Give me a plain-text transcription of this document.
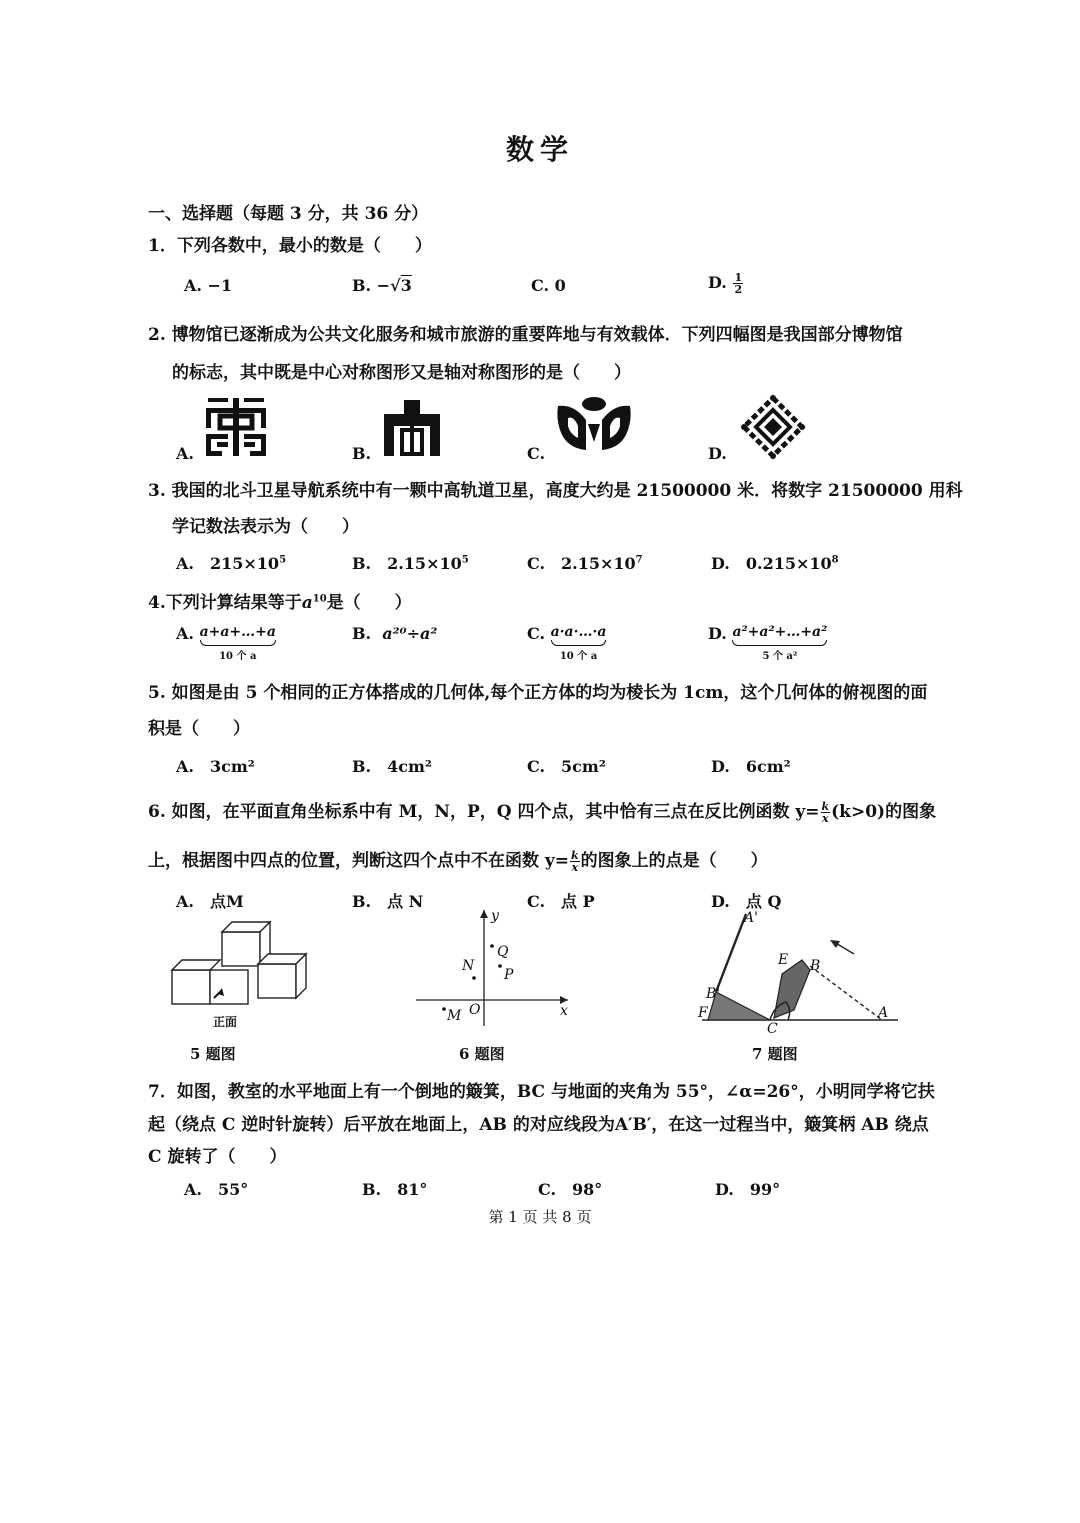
数学
一、选择题（每题 3 分，共 36 分）
1．下列各数中，最小的数是（　　）
A. −1	B. −√3	C. 0	D. $\frac{1}{2}$
2. 博物馆已逐渐成为公共文化服务和城市旅游的重要阵地与有效载体．下列四幅图是我国部分博物馆
的标志，其中既是中心对称图形又是轴对称图形的是（　　）
A.	B.	C.	D.
3. 我国的北斗卫星导航系统中有一颗中高轨道卫星，高度大约是 21500000 米．将数字 21500000 用科
学记数法表示为（　　）
A.　$215\times 10^5$	B.　$2.15\times 10^5$	C.　$2.15\times 10^7$	D.　$0.215\times 10^8$
4.下列计算结果等于$a^{10}$是（　　）
A. a+a+…+a
10 个 a
B. a²⁰÷a²	C. a·a·…·a
10 个 a
D. a²+a²+…+a²
5 个 a²
5. 如图是由 5 个相同的正方体搭成的几何体,每个正方体的均为棱长为 1cm，这个几何体的俯视图的面
积是（　　）
A.　3cm²	B.　4cm²	C.　5cm²	D.　6cm²
6. 如图，在平面直角坐标系中有 M，N，P，Q 四个点，其中恰有三点在反比例函数 $y= \frac{k}{x} (k>0)$的图象
上，根据图中四点的位置，判断这四个点中不在函数 $y= \frac{k}{x}$ 的图象上的点是（　　）
A.　点M	B.　点 N	C.　点 P	D.　点 Q
正面
5 题图
y
x
O
Q
P
N
M
6 题图
A'
B'
F
C
E B
A
7 题图
7．如图，教室的水平地面上有一个倒地的簸箕，BC 与地面的夹角为 55°，∠α=26°，小明同学将它扶
起（绕点 C 逆时针旋转）后平放在地面上，AB 的对应线段为A′B′，在这一过程当中，簸箕柄 AB 绕点
C 旋转了（　　）
A.　55°	B.　81°	C.　98°	D.　99°
第 1 页 共 8 页
